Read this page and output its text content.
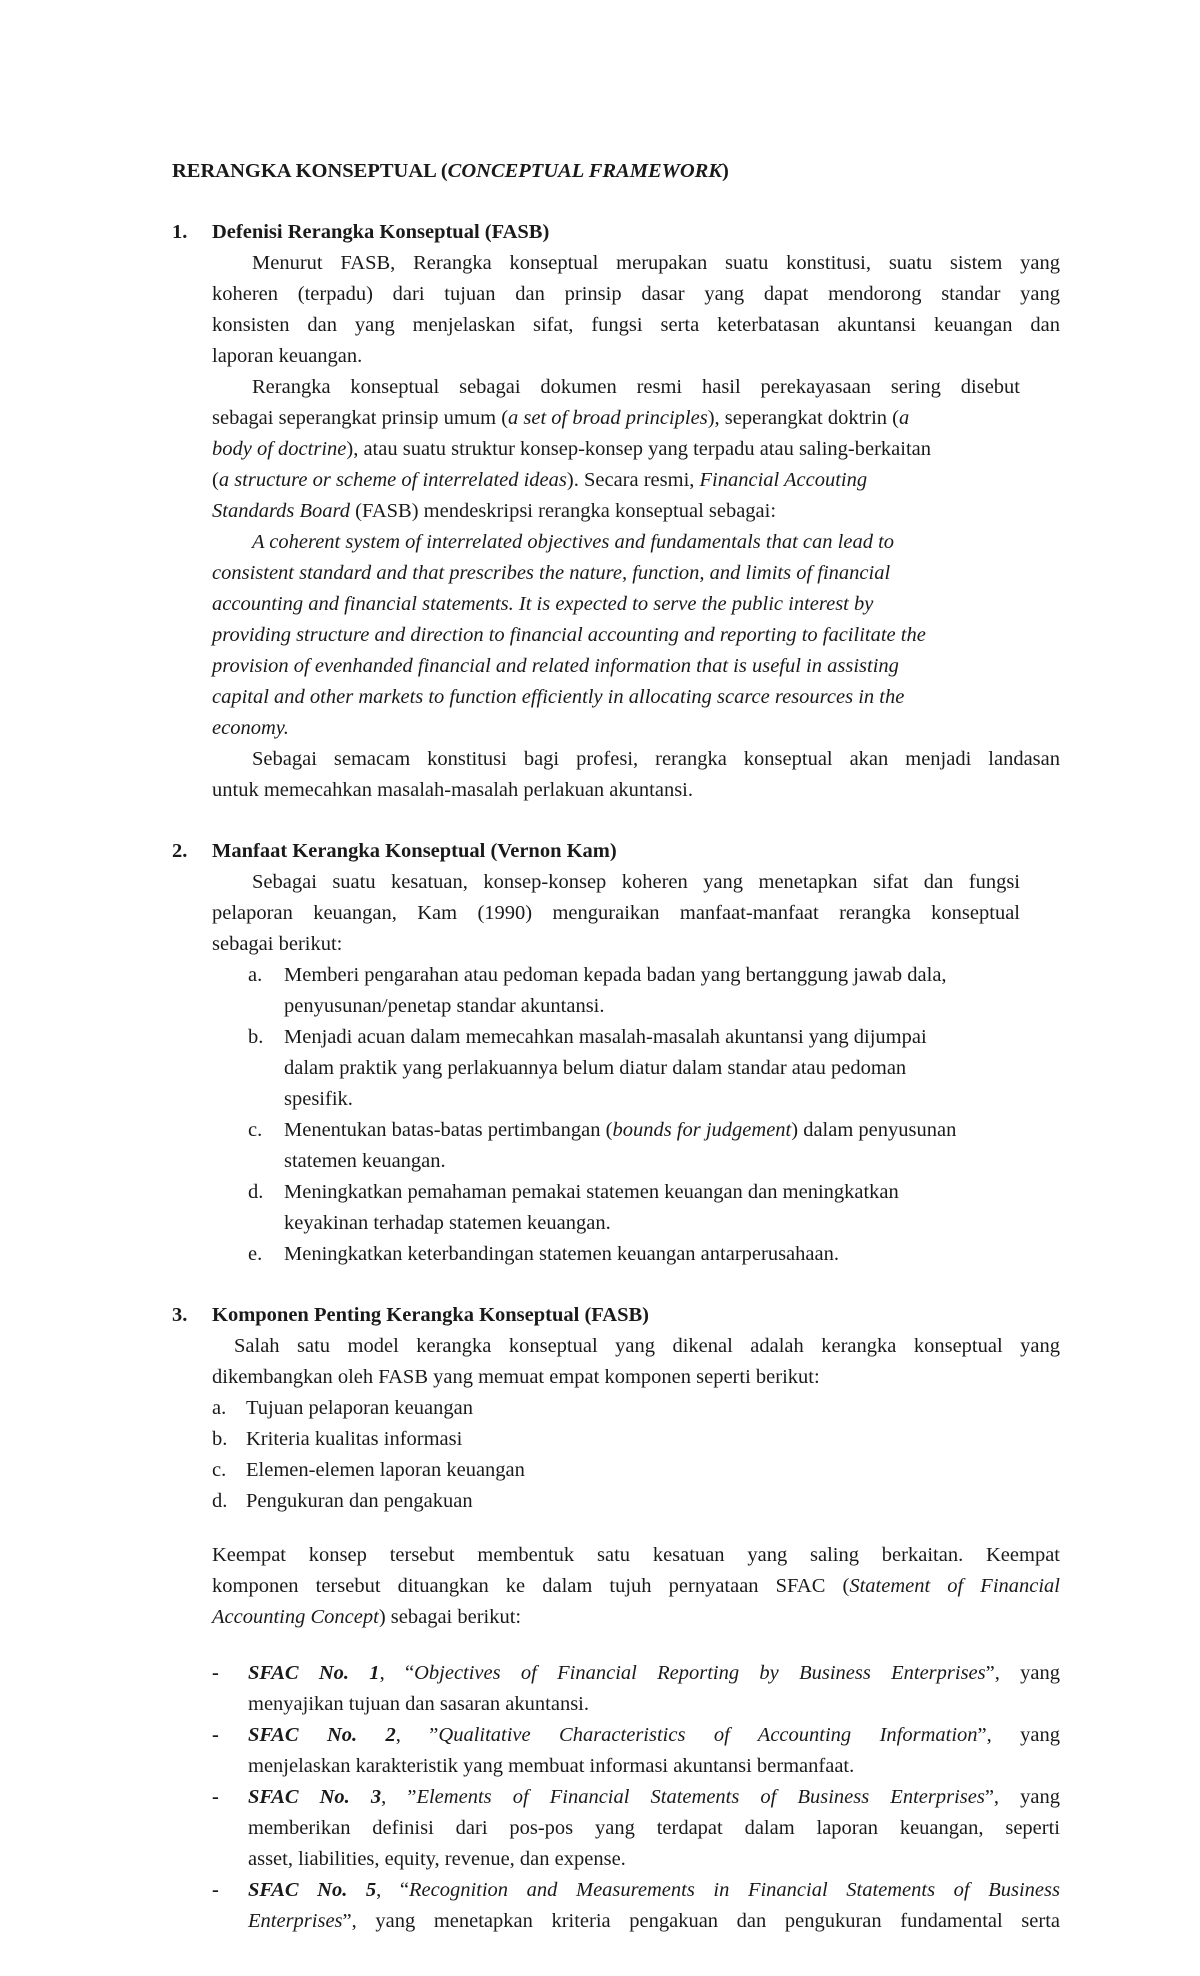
RERANGKA KONSEPTUAL (CONCEPTUAL FRAMEWORK)
1. Defenisi Rerangka Konseptual (FASB)
Menurut FASB, Rerangka konseptual merupakan suatu konstitusi, suatu sistem yang
koheren (terpadu) dari tujuan dan prinsip dasar yang dapat mendorong standar yang
konsisten dan yang menjelaskan sifat, fungsi serta keterbatasan akuntansi keuangan dan
laporan keuangan.
Rerangka konseptual sebagai dokumen resmi hasil perekayasaan sering disebut
sebagai seperangkat prinsip umum (a set of broad principles), seperangkat doktrin (a
body of doctrine), atau suatu struktur konsep-konsep yang terpadu atau saling-berkaitan
(a structure or scheme of interrelated ideas). Secara resmi, Financial Accouting
Standards Board (FASB) mendeskripsi rerangka konseptual sebagai:
A coherent system of interrelated objectives and fundamentals that can lead to
consistent standard and that prescribes the nature, function, and limits of financial
accounting and financial statements. It is expected to serve the public interest by
providing structure and direction to financial accounting and reporting to facilitate the
provision of evenhanded financial and related information that is useful in assisting
capital and other markets to function efficiently in allocating scarce resources in the
economy.
Sebagai semacam konstitusi bagi profesi, rerangka konseptual akan menjadi landasan
untuk memecahkan masalah-masalah perlakuan akuntansi.
2. Manfaat Kerangka Konseptual (Vernon Kam)
Sebagai suatu kesatuan, konsep-konsep koheren yang menetapkan sifat dan fungsi
pelaporan keuangan, Kam (1990) menguraikan manfaat-manfaat rerangka konseptual
sebagai berikut:
a. Memberi pengarahan atau pedoman kepada badan yang bertanggung jawab dala,
penyusunan/penetap standar akuntansi.
b. Menjadi acuan dalam memecahkan masalah-masalah akuntansi yang dijumpai
dalam praktik yang perlakuannya belum diatur dalam standar atau pedoman
spesifik.
c. Menentukan batas-batas pertimbangan (bounds for judgement) dalam penyusunan
statemen keuangan.
d. Meningkatkan pemahaman pemakai statemen keuangan dan meningkatkan
keyakinan terhadap statemen keuangan.
e. Meningkatkan keterbandingan statemen keuangan antarperusahaan.
3. Komponen Penting Kerangka Konseptual (FASB)
Salah satu model kerangka konseptual yang dikenal adalah kerangka konseptual yang
dikembangkan oleh FASB yang memuat empat komponen seperti berikut:
a. Tujuan pelaporan keuangan
b. Kriteria kualitas informasi
c. Elemen-elemen laporan keuangan
d. Pengukuran dan pengakuan
Keempat konsep tersebut membentuk satu kesatuan yang saling berkaitan. Keempat
komponen tersebut dituangkan ke dalam tujuh pernyataan SFAC (Statement of Financial
Accounting Concept) sebagai berikut:
- SFAC No. 1, “Objectives of Financial Reporting by Business Enterprises”, yang
menyajikan tujuan dan sasaran akuntansi.
- SFAC No. 2, ”Qualitative Characteristics of Accounting Information”, yang
menjelaskan karakteristik yang membuat informasi akuntansi bermanfaat.
- SFAC No. 3, ”Elements of Financial Statements of Business Enterprises”, yang
memberikan definisi dari pos-pos yang terdapat dalam laporan keuangan, seperti
asset, liabilities, equity, revenue, dan expense.
- SFAC No. 5, “Recognition and Measurements in Financial Statements of Business
Enterprises”, yang menetapkan kriteria pengakuan dan pengukuran fundamental serta
